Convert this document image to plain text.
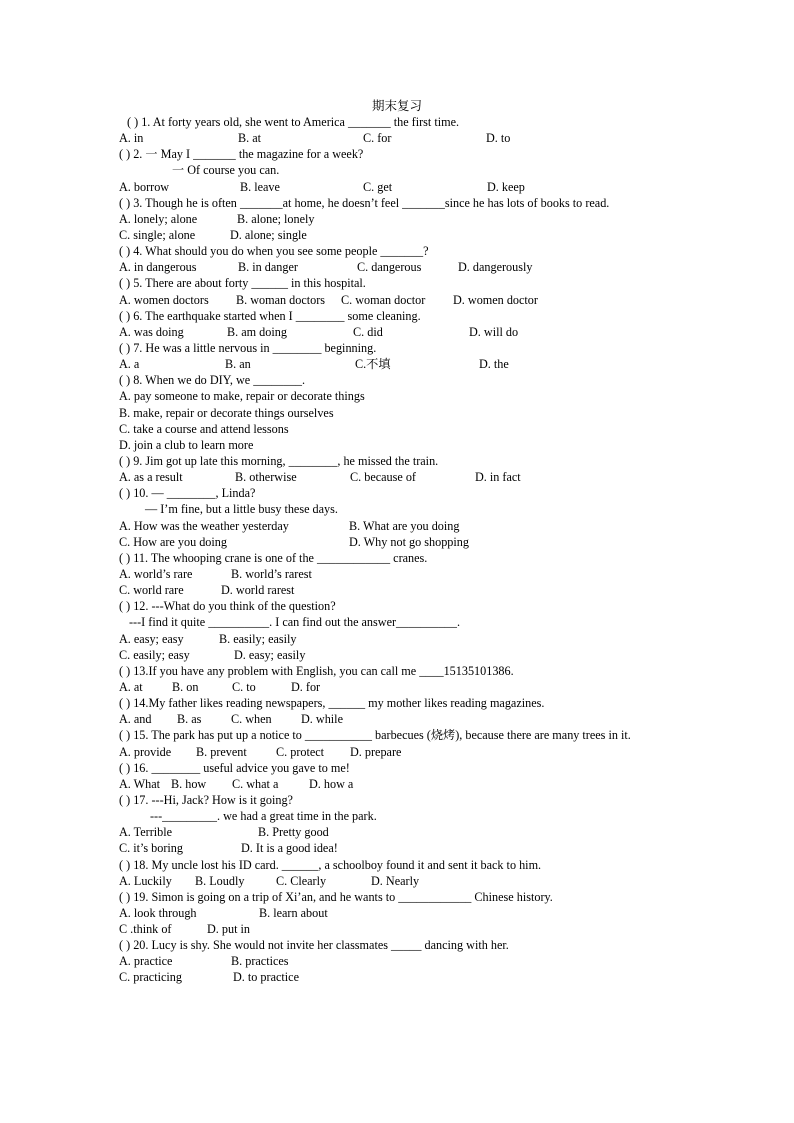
期末复习
( ) 1. At forty years old, she went to America _______ the first time.
A. in	B. at	C. for	D. to
( ) 2. 一 May I _______ the magazine for a week?
一 Of course you can.
A. borrow	B. leave	C. get	D. keep
( ) 3. Though he is often _______at home, he doesn’t feel _______since he has lots of books to read.
A. lonely; alone	B. alone; lonely
C. single; alone	D. alone; single
( ) 4. What should you do when you see some people _______?
A. in dangerous	B. in danger	C. dangerous	D. dangerously
( ) 5. There are about forty ______ in this hospital.
A. women doctors B. woman doctors C. woman doctor D. women doctor
( ) 6. The earthquake started when I ________ some cleaning.
A. was doing	B. am doing	C. did	D. will do
( ) 7. He was a little nervous in ________ beginning.
A. a	B. an	C.不填	D. the
( ) 8. When we do DIY, we ________.
A. pay someone to make, repair or decorate things
B. make, repair or decorate things ourselves
C. take a course and attend lessons
D. join a club to learn more
( ) 9. Jim got up late this morning, ________, he missed the train.
A. as a result	B. otherwise	C. because of	D. in fact
( ) 10. — ________, Linda?
— I’m fine, but a little busy these days.
A. How was the weather yesterday	B. What are you doing
C. How are you doing	D. Why not go shopping
( ) 11. The whooping crane is one of the ____________ cranes.
A. world’s rare	B. world’s rarest
C. world rare	D. world rarest
( ) 12. ---What do you think of the question?
---I find it quite __________. I can find out the answer__________.
A. easy; easy	B. easily; easily
C. easily; easy	D. easy; easily
( ) 13.If you have any problem with English, you can call me ____15135101386.
A. at B. on	C. to	D. for
( ) 14.My father likes reading newspapers, ______ my mother likes reading magazines.
A. and B. as C. when D. while
( ) 15. The park has put up a notice to ___________ barbecues (烧烤), because there are many trees in it.
A. provide B. prevent C. protect D. prepare
( ) 16. ________ useful advice you gave to me!
A. What B. how C. what a	D. how a
( ) 17. ---Hi, Jack? How is it going?
---_________. we had a great time in the park.
A. Terrible	B. Pretty good
C. it’s boring	D. It is a good idea!
( ) 18. My uncle lost his ID card. ______, a schoolboy found it and sent it back to him.
A. Luckily B. Loudly	C. Clearly	D. Nearly
( ) 19. Simon is going on a trip of Xi’an, and he wants to ____________ Chinese history.
A. look through	B. learn about
C .think of	D. put in
( ) 20. Lucy is shy. She would not invite her classmates _____ dancing with her.
A. practice	B. practices
C. practicing	D. to practice
